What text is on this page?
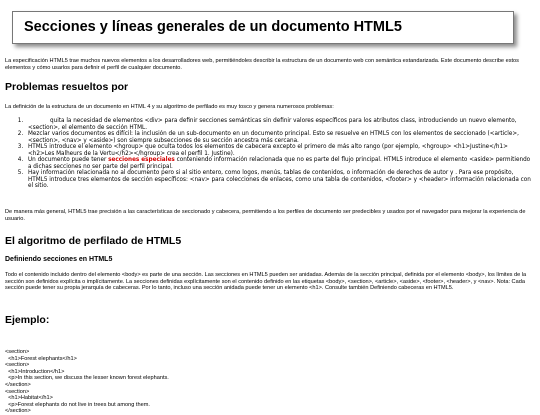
Secciones y líneas generales de un documento HTML5

La especificación HTML5 trae muchos nuevos elementos a los desarrolladores web, permitiéndoles describir la estructura de un documento web con semántica estandarizada. Este documento describe estos elementos y cómo usarlos para definir el perfil de cualquier documento.

Problemas resueltos por

La definición de la estructura de un documento en HTML 4 y su algoritmo de perfilado es muy tosco y genera numerosos problemas:

1. quita la necesidad de elementos <div> para definir secciones semánticas sin definir valores específicos para los atributos class, introduciendo un nuevo elemento, <section>, el elemento de sección HTML.
2. Mezclar varios documentos es difícil: la inclusión de un sub-documento en un documento principal. Esto se resuelve en HTML5 con los elementos de seccionado (<article>, <section>, <nav> y <aside>) son siempre subsecciones de su sección ancestra más cercana.
3. HTML5 introduce el elemento <hgroup> que oculta todos los elementos de cabecera excepto el primero de más alto rango (por ejemplo, <hgroup> <h1>Justine</h1><h2>Les Malheurs de la Vertu</h2></hgroup> crea el perfil 1. Justine).
4. Un documento puede tener secciones especiales conteniendo información relacionada que no es parte del flujo principal. HTML5 introduce el elemento <aside> permitiendo a dichas secciones no ser parte del perfil principal.
5. Hay información relacionada no al documento pero si al sitio entero, como logos, menús, tablas de contenidos, o información de derechos de autor y . Para ese propósito, HTML5 introduce tres elementos de sección específicos: <nav> para colecciones de enlaces, como una tabla de contenidos, <footer> y <header> información relacionada con el sitio.

De manera más general, HTML5 trae precisión a las características de seccionado y cabecera, permitiendo a los perfiles de documento ser predecibles y usados por el navegador para mejorar la experiencia de usuario.

El algoritmo de perfilado de HTML5
Definiendo secciones en HTML5

Todo el contenido incluido dentro del elemento <body> es parte de una sección. Las secciones en HTML5 pueden ser anidadas. Además de la sección principal, definida por el elemento <body>, los límites de la sección son definidos explícita o implícitamente. La secciones definidas explícitamente son el contenido definido en las etiquetas <body>, <section>, <article>, <aside>, <footer>, <header>, y <nav>. Nota: Cada sección puede tener su propia jerarquía de cabeceras. Por lo tanto, incluso una sección anidada puede tener un elemento <h1>. Consulte también Definiendo cabeceras en HTML5.

Ejemplo:
<section>
<h1>Forest elephants</h1>
<section>
<h1>Introduction</h1>
<p>In this section, we discuss the lesser known forest elephants.
</section>
<section>
<h1>Habitat</h1>
<p>Forest elephants do not live in trees but among them.
</section>
